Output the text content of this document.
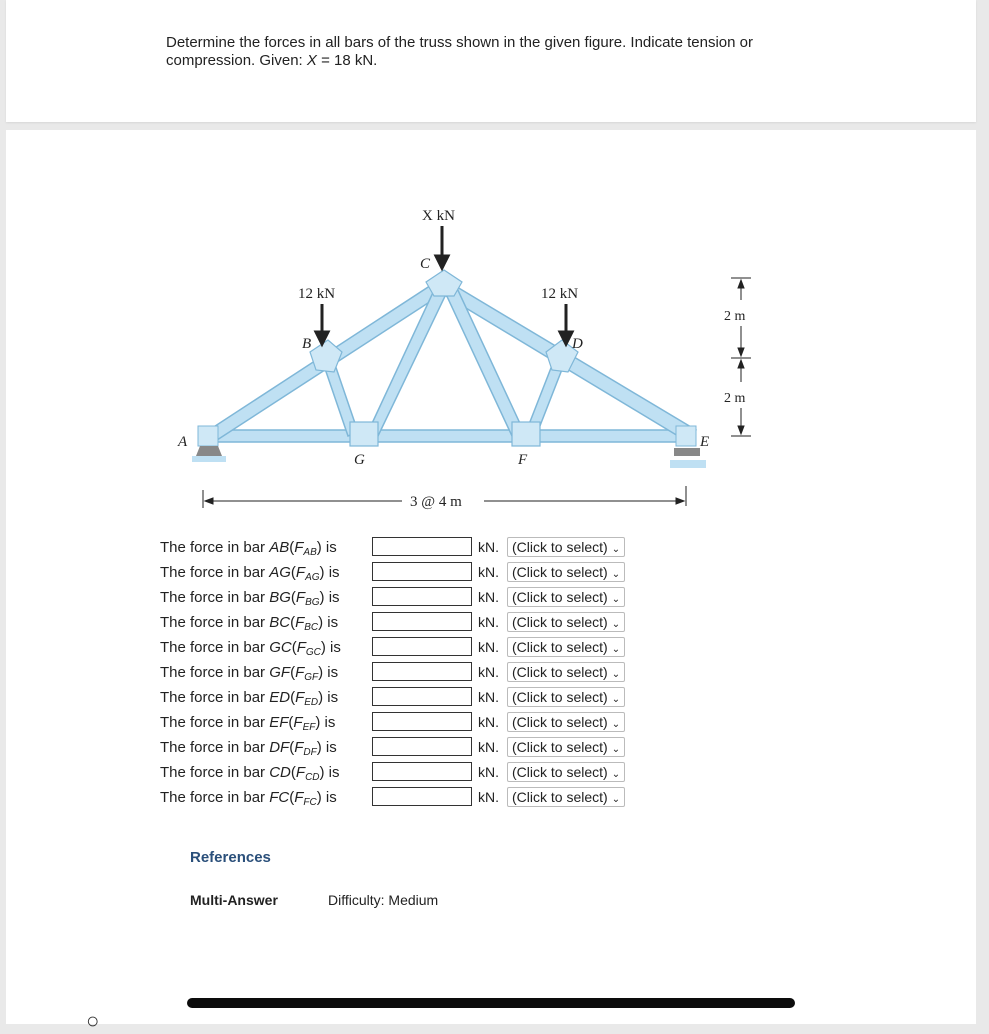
Determine the forces in all bars of the truss shown in the given figure. Indicate tension or compression. Given: X = 18 kN.
X kN
12 kN	12 kN
C
B	D
A	E
G	F
3 @ 4 m
2 m
2 m
The force in bar $AB(F_{AB})$ is	kN. (Click to select) ⌄
The force in bar $AG(F_{AG})$ is	kN. (Click to select) ⌄
The force in bar $BG(F_{BG})$ is	kN. (Click to select) ⌄
The force in bar $BC(F_{BC})$ is	kN. (Click to select) ⌄
The force in bar $GC(F_{GC})$ is	kN. (Click to select) ⌄
The force in bar $GF(F_{GF})$ is	kN. (Click to select) ⌄
The force in bar $ED(F_{ED})$ is	kN. (Click to select) ⌄
The force in bar $EF(F_{EF})$ is	kN. (Click to select) ⌄
The force in bar $DF(F_{DF})$ is	kN. (Click to select) ⌄
The force in bar $CD(F_{CD})$ is	kN. (Click to select) ⌄
The force in bar $FC(F_{FC})$ is	kN. (Click to select) ⌄
References
Multi-Answer	Difficulty: Medium
○
